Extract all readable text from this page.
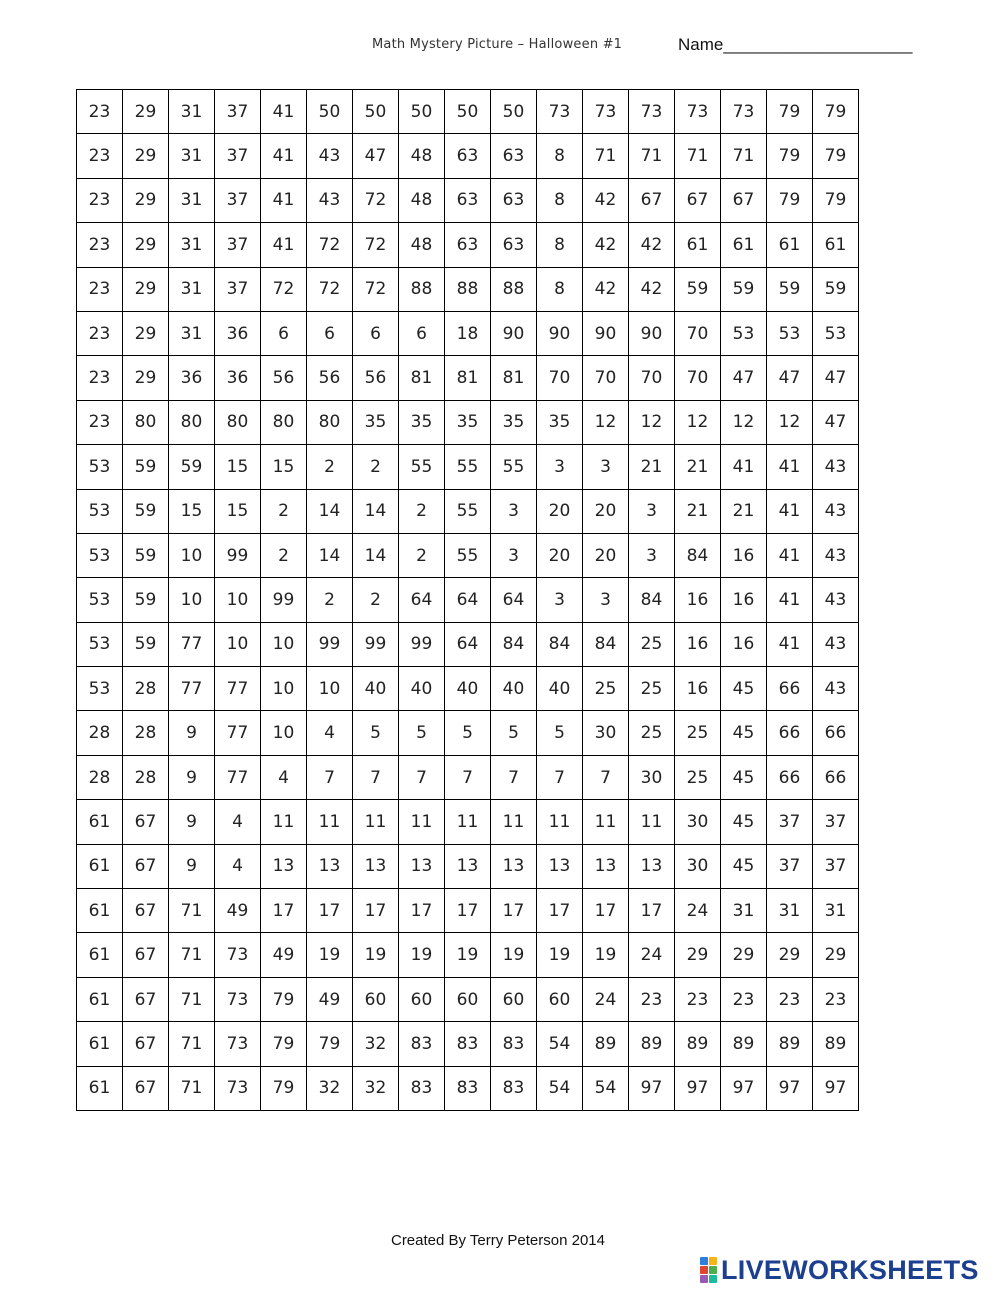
Math Mystery Picture – Halloween #1	Name____________________
23	29	31	37	41	50	50	50	50	50	73	73	73	73	73	79	79
23	29	31	37	41	43	47	48	63	63	8	71	71	71	71	79	79
23	29	31	37	41	43	72	48	63	63	8	42	67	67	67	79	79
23	29	31	37	41	72	72	48	63	63	8	42	42	61	61	61	61
23	29	31	37	72	72	72	88	88	88	8	42	42	59	59	59	59
23	29	31	36	6	6	6	6	18	90	90	90	90	70	53	53	53
23	29	36	36	56	56	56	81	81	81	70	70	70	70	47	47	47
23	80	80	80	80	80	35	35	35	35	35	12	12	12	12	12	47
53	59	59	15	15	2	2	55	55	55	3	3	21	21	41	41	43
53	59	15	15	2	14	14	2	55	3	20	20	3	21	21	41	43
53	59	10	99	2	14	14	2	55	3	20	20	3	84	16	41	43
53	59	10	10	99	2	2	64	64	64	3	3	84	16	16	41	43
53	59	77	10	10	99	99	99	64	84	84	84	25	16	16	41	43
53	28	77	77	10	10	40	40	40	40	40	25	25	16	45	66	43
28	28	9	77	10	4	5	5	5	5	5	30	25	25	45	66	66
28	28	9	77	4	7	7	7	7	7	7	7	30	25	45	66	66
61	67	9	4	11	11	11	11	11	11	11	11	11	30	45	37	37
61	67	9	4	13	13	13	13	13	13	13	13	13	30	45	37	37
61	67	71	49	17	17	17	17	17	17	17	17	17	24	31	31	31
61	67	71	73	49	19	19	19	19	19	19	19	24	29	29	29	29
61	67	71	73	79	49	60	60	60	60	60	24	23	23	23	23	23
61	67	71	73	79	79	32	83	83	83	54	89	89	89	89	89	89
61	67	71	73	79	32	32	83	83	83	54	54	97	97	97	97	97
Created By Terry Peterson 2014
LIVEWORKSHEETS
